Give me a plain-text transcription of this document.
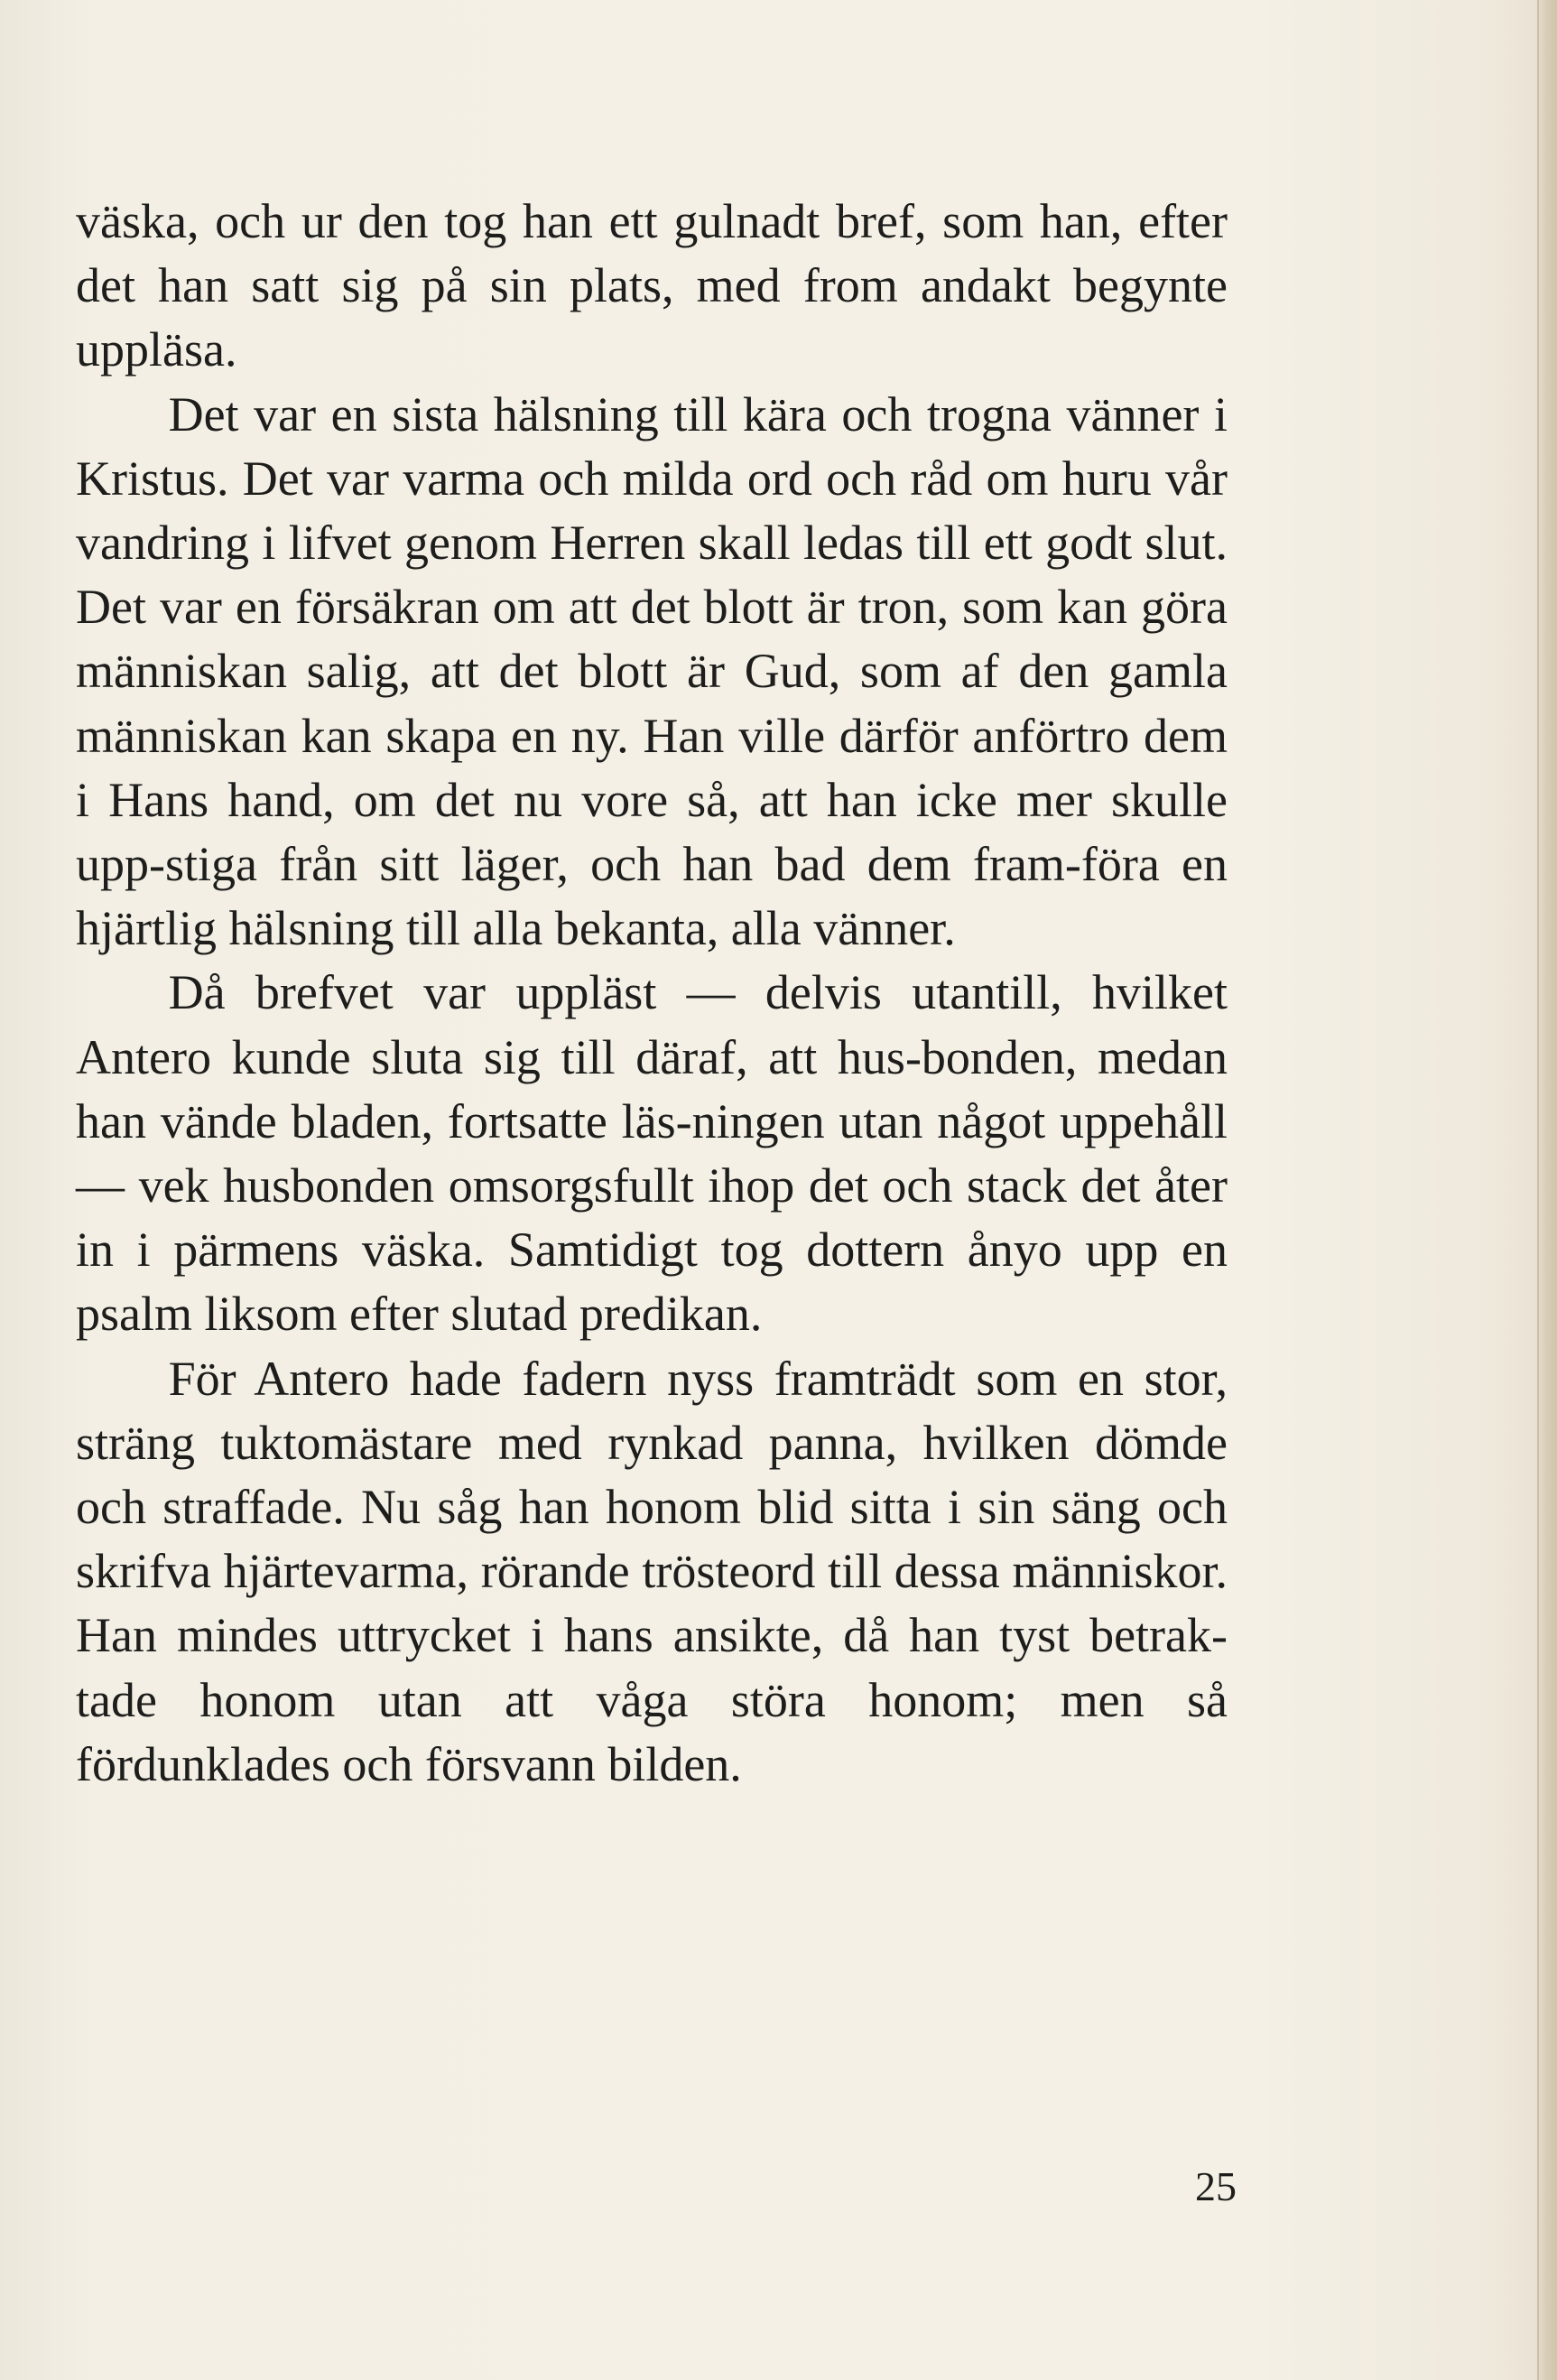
väska, och ur den tog han ett gulnadt bref, som han, efter det han satt sig på sin plats, med from andakt begynte uppläsa.

Det var en sista hälsning till kära och trogna vänner i Kristus. Det var varma och milda ord och råd om huru vår vandring i lifvet genom Herren skall ledas till ett godt slut. Det var en försäkran om att det blott är tron, som kan göra människan salig, att det blott är Gud, som af den gamla människan kan skapa en ny. Han ville därför anförtro dem i Hans hand, om det nu vore så, att han icke mer skulle upp-stiga från sitt läger, och han bad dem fram-föra en hjärtlig hälsning till alla bekanta, alla vänner.

Då brefvet var uppläst — delvis utantill, hvilket Antero kunde sluta sig till däraf, att hus-bonden, medan han vände bladen, fortsatte läs-ningen utan något uppehåll — vek husbonden omsorgsfullt ihop det och stack det åter in i pärmens väska. Samtidigt tog dottern ånyo upp en psalm liksom efter slutad predikan.

För Antero hade fadern nyss framträdt som en stor, sträng tuktomästare med rynkad panna, hvilken dömde och straffade. Nu såg han honom blid sitta i sin säng och skrifva hjärtevarma, rörande trösteord till dessa människor. Han mindes uttrycket i hans ansikte, då han tyst betrak-tade honom utan att våga störa honom; men så fördunklades och försvann bilden.

25
